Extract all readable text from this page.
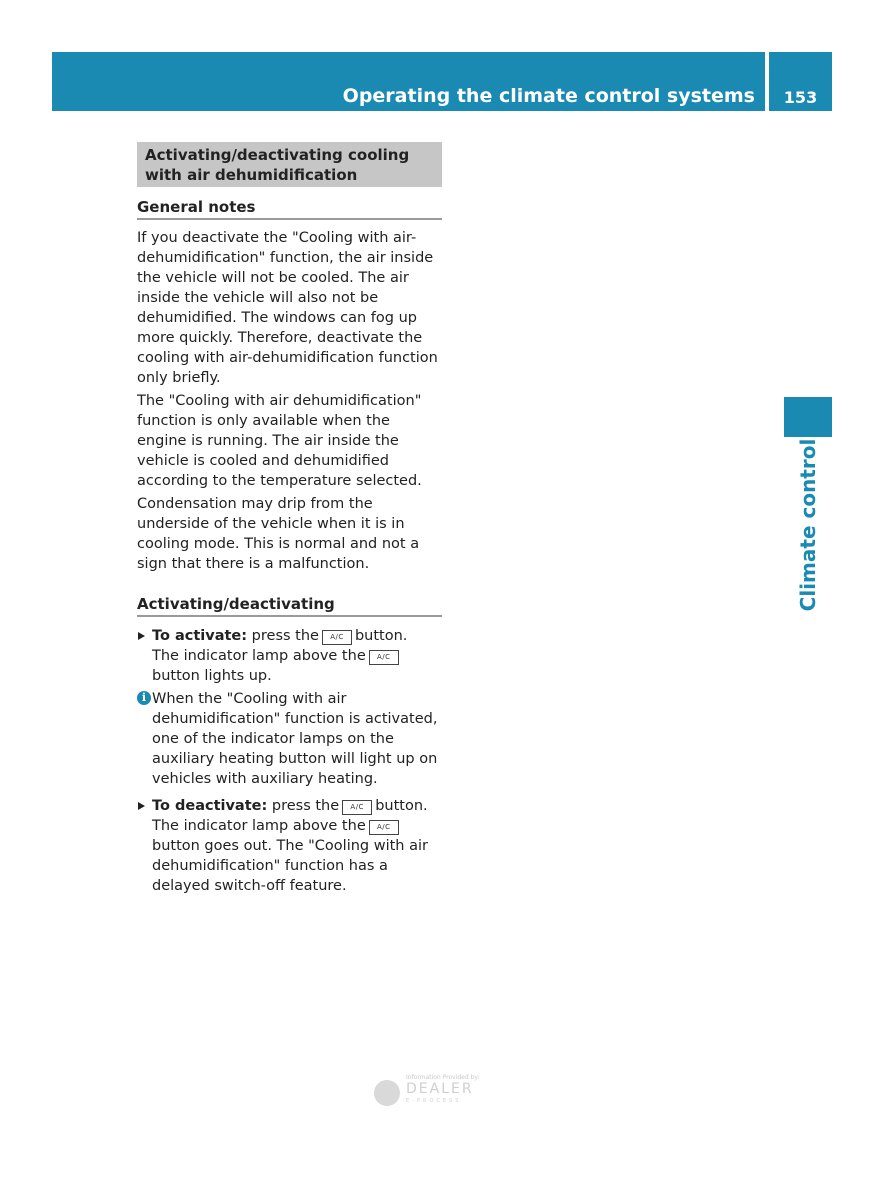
Operating the climate control systems	153
Climate control
Activating/deactivating cooling with air dehumidification
General notes

If you deactivate the "Cooling with air-dehumidification" function, the air inside the vehicle will not be cooled. The air inside the vehicle will also not be dehumidified. The windows can fog up more quickly. Therefore, deactivate the cooling with air-dehumidification function only briefly.

The "Cooling with air dehumidification" function is only available when the engine is running. The air inside the vehicle is cooled and dehumidified according to the temperature selected.

Condensation may drip from the underside of the vehicle when it is in cooling mode. This is normal and not a sign that there is a malfunction.

Activating/deactivating
To activate: press the A/C button.
The indicator lamp above the A/Cbutton lights up.
i When the "Cooling with air dehumidification" function is activated, one of the indicator lamps on the auxiliary heating button will light up on vehicles with auxiliary heating.
To deactivate: press the A/C button.
The indicator lamp above the A/Cbutton goes out. The "Cooling with air dehumidification" function has a delayed switch-off feature.
Information Provided by:
DEALER
E-PROCESS
